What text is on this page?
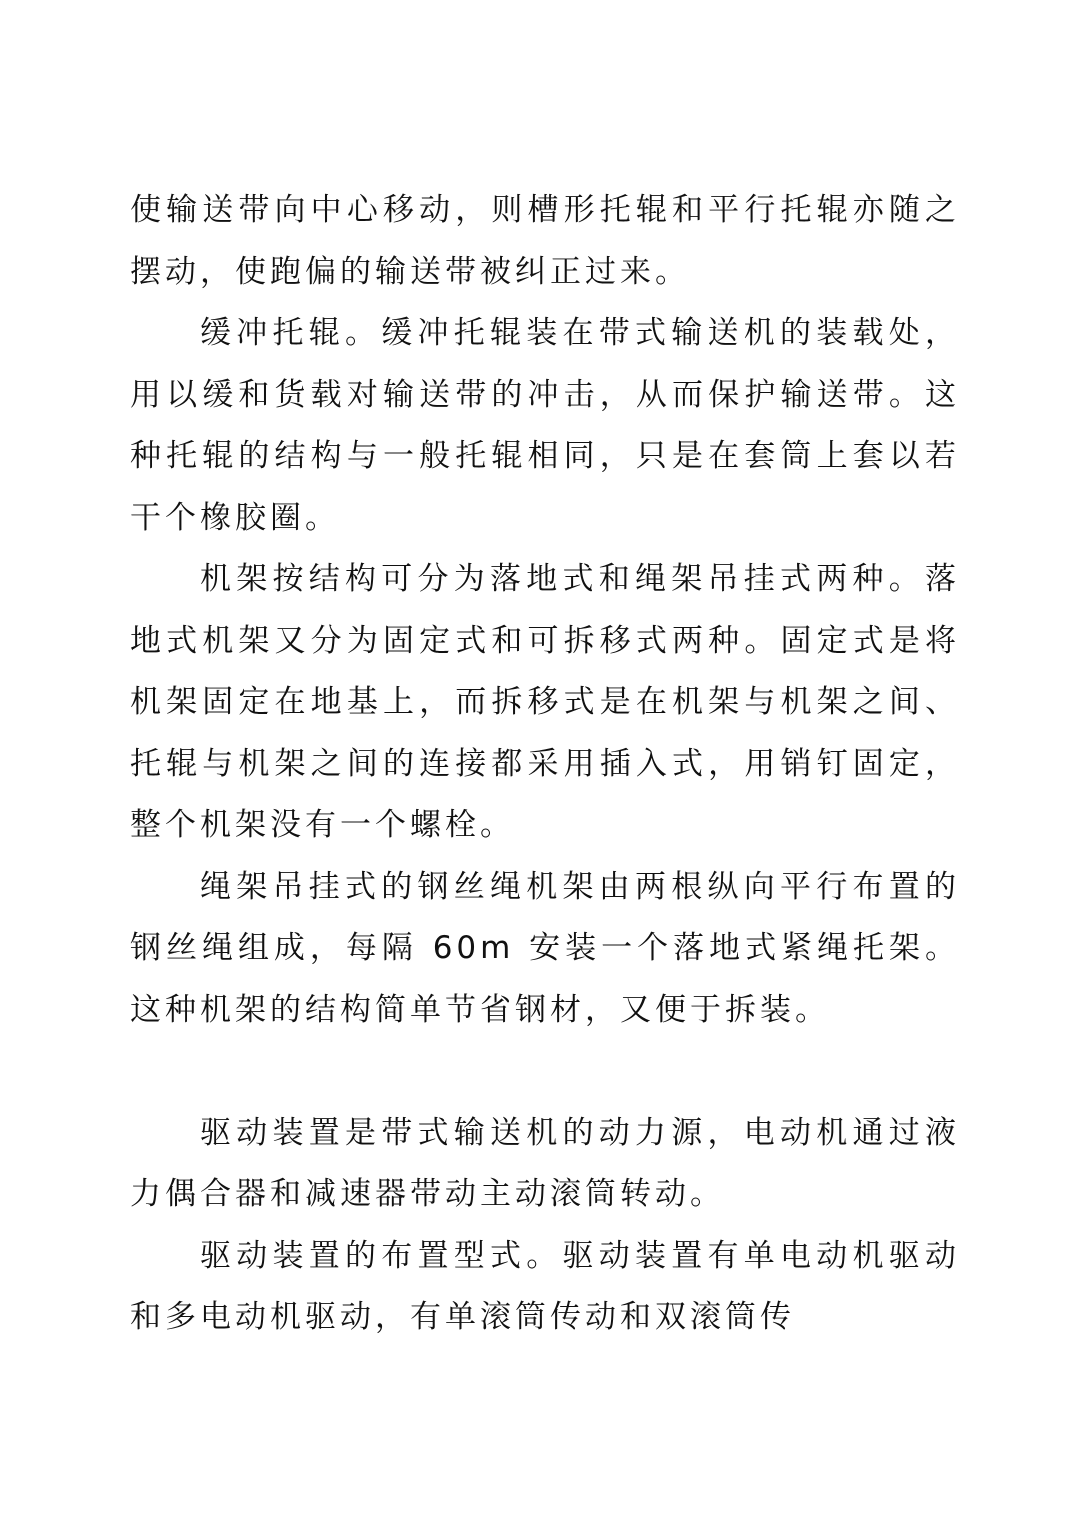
使输送带向中心移动，则槽形托辊和平行托辊亦随之摆动，使跑偏的输送带被纠正过来。

缓冲托辊。缓冲托辊装在带式输送机的装载处，用以缓和货载对输送带的冲击，从而保护输送带。这种托辊的结构与一般托辊相同，只是在套筒上套以若干个橡胶圈。

机架按结构可分为落地式和绳架吊挂式两种。落地式机架又分为固定式和可拆移式两种。固定式是将机架固定在地基上，而拆移式是在机架与机架之间、托辊与机架之间的连接都采用插入式，用销钉固定，整个机架没有一个螺栓。

绳架吊挂式的钢丝绳机架由两根纵向平行布置的钢丝绳组成，每隔 60m 安装一个落地式紧绳托架。这种机架的结构简单节省钢材，又便于拆装。

驱动装置是带式输送机的动力源，电动机通过液力偶合器和减速器带动主动滚筒转动。

驱动装置的布置型式。驱动装置有单电动机驱动和多电动机驱动，有单滚筒传动和双滚筒传
